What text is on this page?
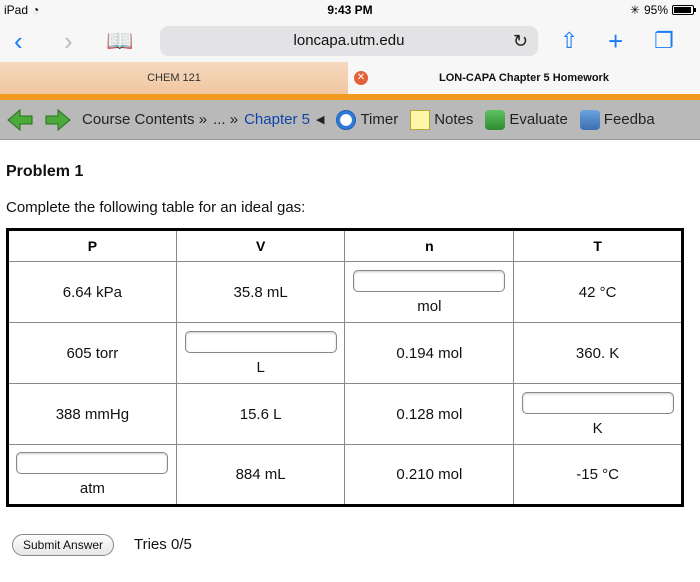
iPad ◔	9:43 PM	✳ 95%
‹ › 📖	loncapa.utm.edu	↻ ⇧ + ❐
CHEM 121	✕	LON-CAPA Chapter 5 Homework
Course Contents » ... » Chapter 5 ◀ Timer Notes Evaluate Feedba
Problem 1
Complete the following table for an ideal gas:
P	V	n	T
6.64 kPa	35.8 mL	mol	42 °C
605 torr	L	0.194 mol	360. K
388 mmHg	15.6 L	0.128 mol	K

atm	884 mL	0.210 mol	-15 °C
Submit Answer	Tries 0/5
